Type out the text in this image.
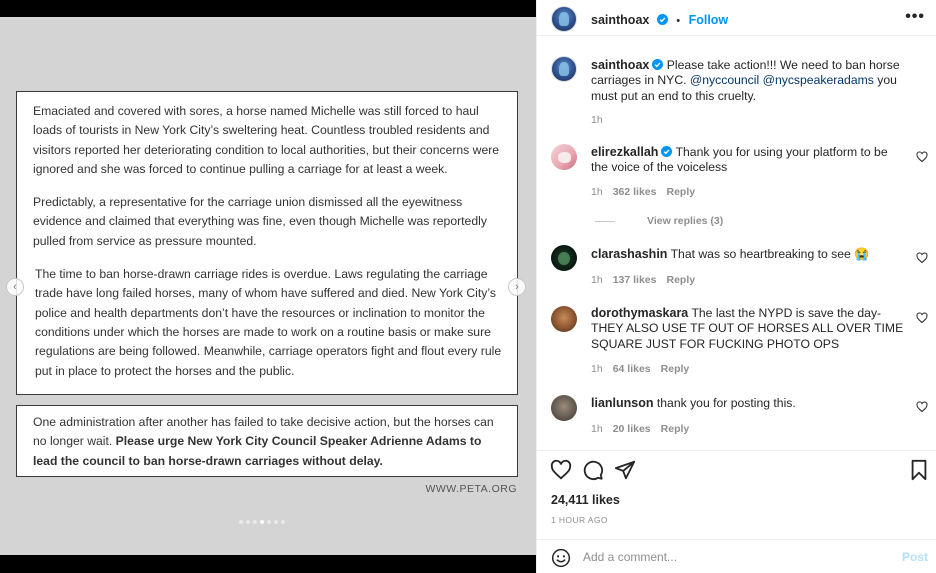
Emaciated and covered with sores, a horse named Michelle was still forced to haul loads of tourists in New York City’s sweltering heat. Countless troubled residents and visitors reported her deteriorating condition to local authorities, but their concerns were ignored and she was forced to continue pulling a carriage for at least a week.

Predictably, a representative for the carriage union dismissed all the eyewitness evidence and claimed that everything was fine, even though Michelle was reportedly pulled from service as pressure mounted.

The time to ban horse-drawn carriage rides is overdue. Laws regulating the carriage trade have long failed horses, many of whom have suffered and died. New York City’s police and health departments don’t have the resources or inclination to monitor the conditions under which the horses are made to work on a routine basis or make sure regulations are being followed. Meanwhile, carriage operators fight and flout every rule put in place to protect the horses and the public.

One administration after another has failed to take decisive action, but the horses can no longer wait. Please urge New York City Council Speaker Adrienne Adams to lead the council to ban horse-drawn carriages without delay.
WWW.PETA.ORG
‹	›
sainthoax • Follow	•••
sainthoax Please take action!!! We need to ban horse carriages in NYC. @nyccouncil @nycspeakeradams you must put an end to this cruelty.
1h
elirezkallah Thank you for using your platform to be the voice of the voiceless
1h 362 likes Reply
View replies (3)
clarashashin That was so heartbreaking to see 😭
1h 137 likes Reply
dorothymaskara The last the NYPD is save the day- THEY ALSO USE TF OUT OF HORSES ALL OVER TIME SQUARE JUST FOR FUCKING PHOTO OPS
1h 64 likes Reply
lianlunson thank you for posting this.
1h 20 likes Reply
24,411 likes
1 HOUR AGO
Add a comment...
Post
